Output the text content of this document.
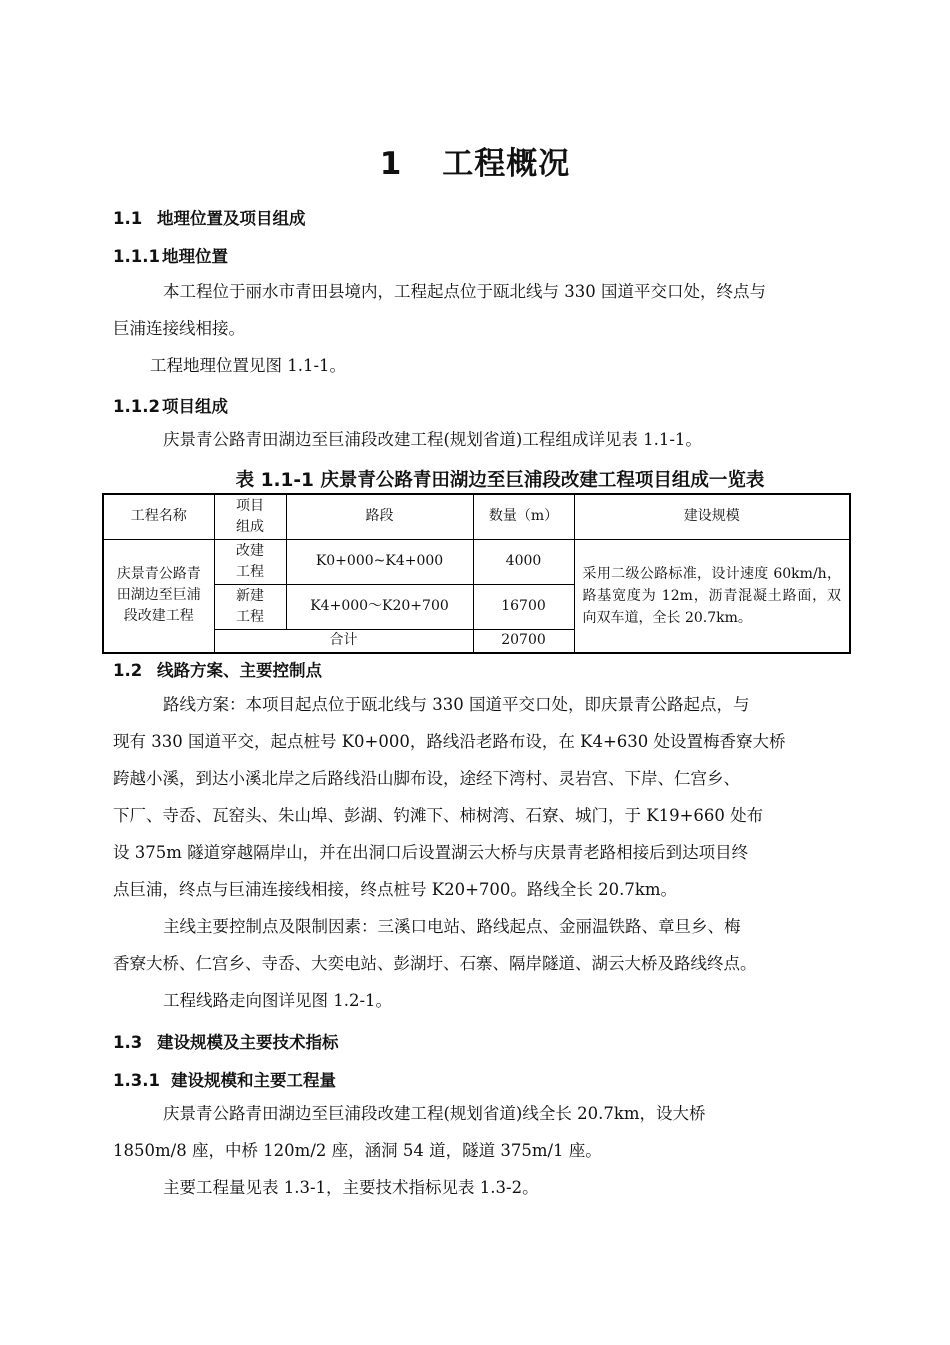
1 工程概况
1.1 地理位置及项目组成
1.1.1 地理位置
本工程位于丽水市青田县境内，工程起点位于瓯北线与 330 国道平交口处，终点与
巨浦连接线相接。
工程地理位置见图 1.1-1。
1.1.2 项目组成
庆景青公路青田湖边至巨浦段改建工程(规划省道)工程组成详见表 1.1-1。
表 1.1-1 庆景青公路青田湖边至巨浦段改建工程项目组成一览表
工程名称	项目组成	路段	数量（m）	建设规模
庆景青公路青田湖边至巨浦段改建工程	改建工程	K0+000~K4+000	4000	采用二级公路标准，设计速度 60km/h，路基宽度为 12m，沥青混凝土路面，双向双车道，全长 20.7km。
	新建工程	K4+000～K20+700	16700	
	合计		20700	
1.2 线路方案、主要控制点
路线方案：本项目起点位于瓯北线与 330 国道平交口处，即庆景青公路起点，与
现有 330 国道平交，起点桩号 K0+000，路线沿老路布设，在 K4+630 处设置梅香寮大桥
跨越小溪，到达小溪北岸之后路线沿山脚布设，途经下湾村、灵岩宫、下岸、仁宫乡、
下厂、寺岙、瓦窑头、朱山埠、彭湖、钓滩下、柿树湾、石寮、城门，于 K19+660 处布
设 375m 隧道穿越隔岸山，并在出洞口后设置湖云大桥与庆景青老路相接后到达项目终
点巨浦，终点与巨浦连接线相接，终点桩号 K20+700。路线全长 20.7km。
主线主要控制点及限制因素：三溪口电站、路线起点、金丽温铁路、章旦乡、梅
香寮大桥、仁宫乡、寺岙、大奕电站、彭湖圩、石寨、隔岸隧道、湖云大桥及路线终点。
工程线路走向图详见图 1.2-1。
1.3 建设规模及主要技术指标
1.3.1 建设规模和主要工程量
庆景青公路青田湖边至巨浦段改建工程(规划省道)线全长 20.7km，设大桥
1850m/8 座，中桥 120m/2 座，涵洞 54 道，隧道 375m/1 座。
主要工程量见表 1.3-1，主要技术指标见表 1.3-2。
